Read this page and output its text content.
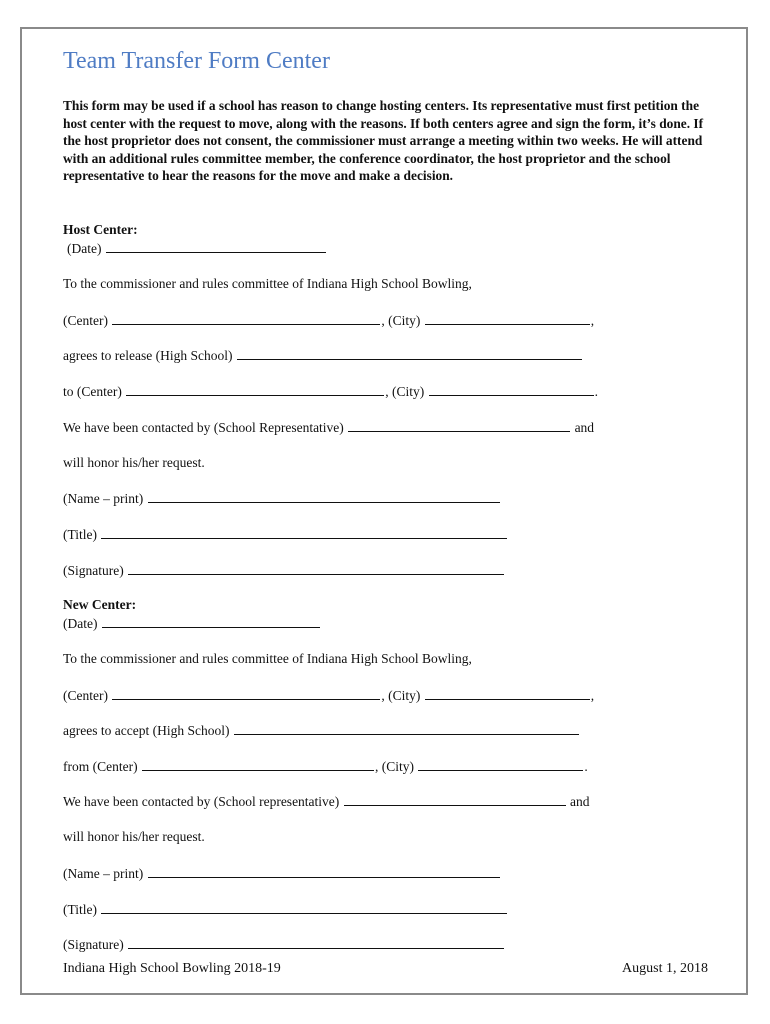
Team Transfer Form Center
This form may be used if a school has reason to change hosting centers. Its representative must first petition the host center with the request to move, along with the reasons. If both centers agree and sign the form, it’s done. If the host proprietor does not consent, the commissioner must arrange a meeting within two weeks. He will attend with an additional rules committee member, the conference coordinator, the host proprietor and the school representative to hear the reasons for the move and make a decision.
Host Center:
(Date)
To the commissioner and rules committee of Indiana High School Bowling,
(Center)	, (City)	,
agrees to release (High School)
to (Center)	, (City)	.
We have been contacted by (School Representative)	and
will honor his/her request.
(Name – print)
(Title)
(Signature)
New Center:
(Date)
To the commissioner and rules committee of Indiana High School Bowling,
(Center)	, (City)	,
agrees to accept (High School)
from (Center)	, (City)	.
We have been contacted by (School representative)	and
will honor his/her request.
(Name – print)
(Title)
(Signature)
Indiana High School Bowling 2018-19	August 1, 2018
